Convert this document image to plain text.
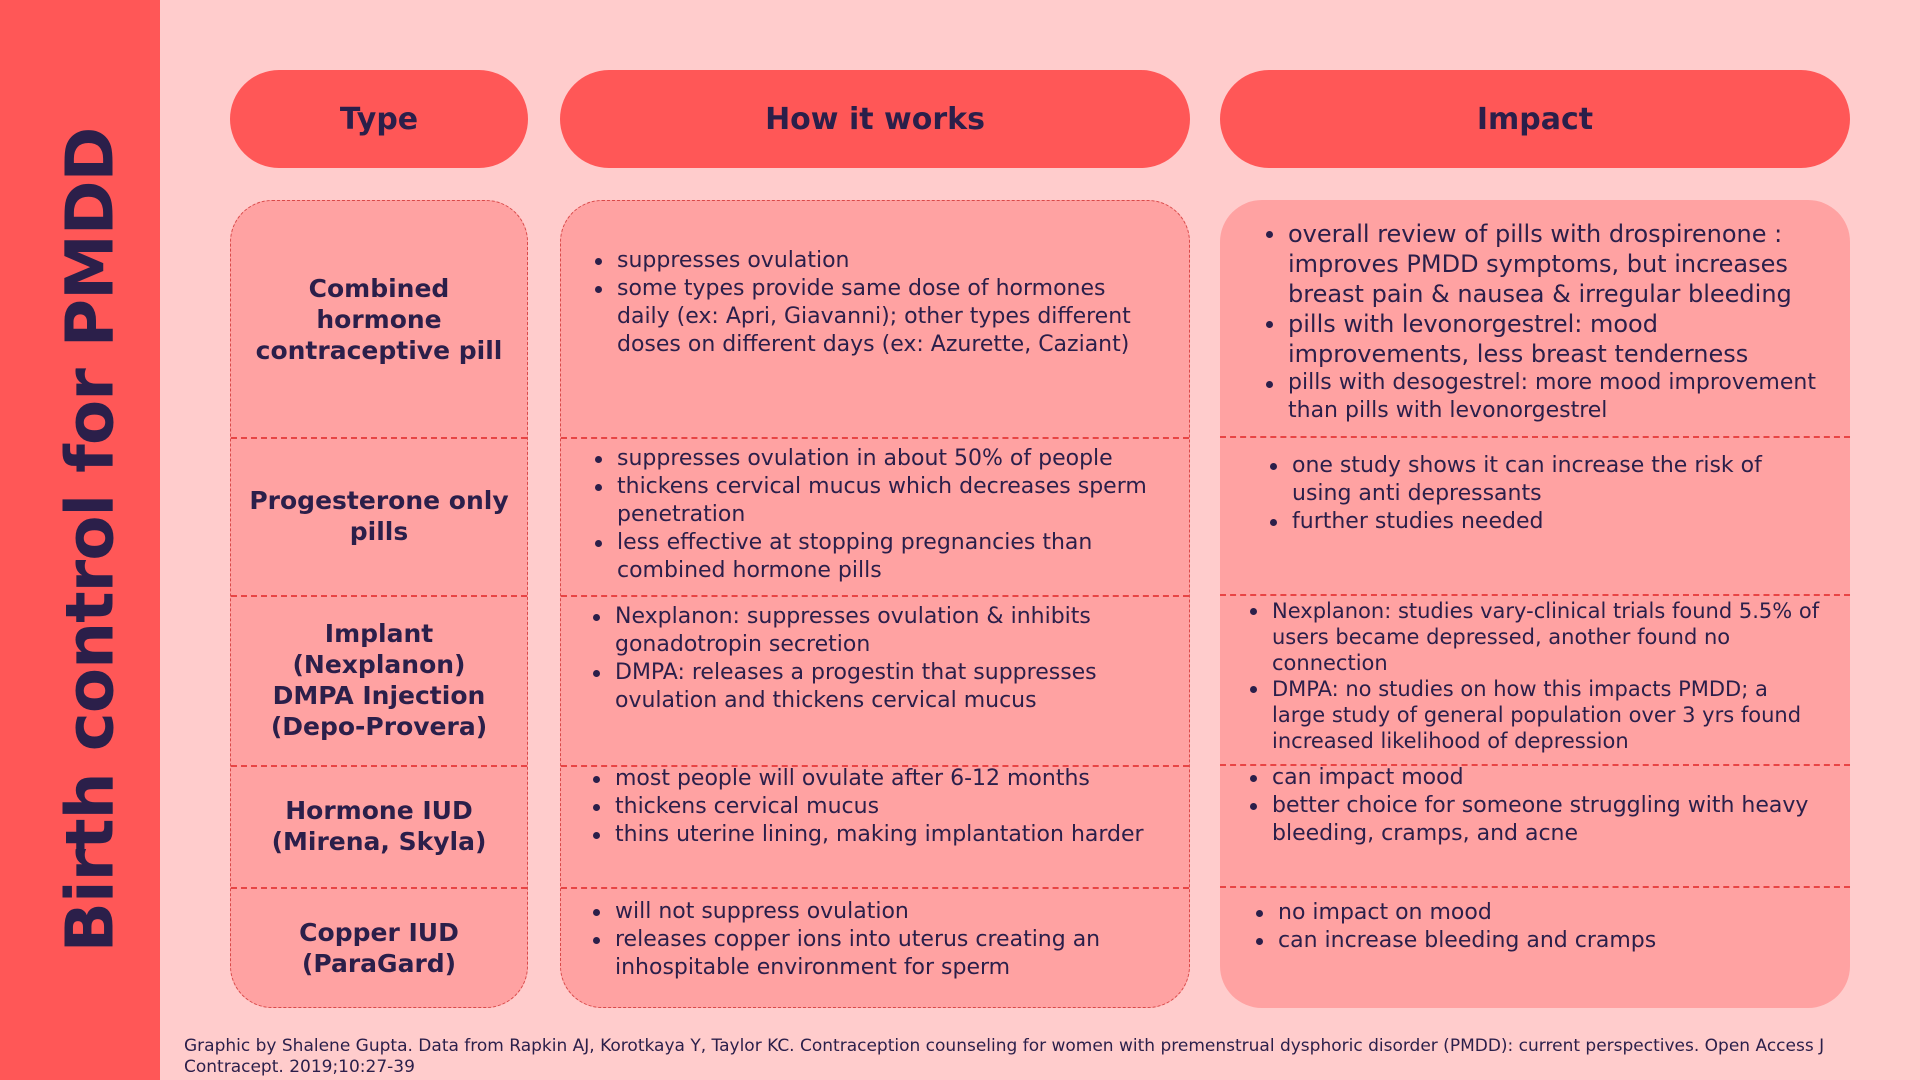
Birth control for PMDD
Type	How it works	Impact
Combined
hormone
contraceptive pill
Progesterone only
pills
Implant
(Nexplanon)
DMPA Injection
(Depo-Provera)
Hormone IUD
(Mirena, Skyla)
Copper IUD
(ParaGard)
suppresses ovulation
some types provide same dose of hormones daily (ex: Apri, Giavanni); other types different doses on different days (ex: Azurette, Caziant)
suppresses ovulation in about 50% of people
thickens cervical mucus which decreases sperm penetration
less effective at stopping pregnancies than combined hormone pills
Nexplanon: suppresses ovulation & inhibits gonadotropin secretion
DMPA: releases a progestin that suppresses ovulation and thickens cervical mucus
most people will ovulate after 6-12 months
thickens cervical mucus
thins uterine lining, making implantation harder
will not suppress ovulation
releases copper ions into uterus creating an inhospitable environment for sperm
overall review of pills with drospirenone : improves PMDD symptoms, but increases breast pain & nausea & irregular bleeding
pills with levonorgestrel: mood improvements, less breast tenderness
pills with desogestrel: more mood improvement than pills with levonorgestrel
one study shows it can increase the risk of using anti depressants
further studies needed
Nexplanon: studies vary-clinical trials found 5.5% of users became depressed, another found no connection
DMPA: no studies on how this impacts PMDD; a large study of general population over 3 yrs found increased likelihood of depression
can impact mood
better choice for someone struggling with heavy bleeding, cramps, and acne
no impact on mood
can increase bleeding and cramps
Graphic by Shalene Gupta. Data from Rapkin AJ, Korotkaya Y, Taylor KC. Contraception counseling for women with premenstrual dysphoric disorder (PMDD): current perspectives. Open Access J Contracept. 2019;10:27-39
